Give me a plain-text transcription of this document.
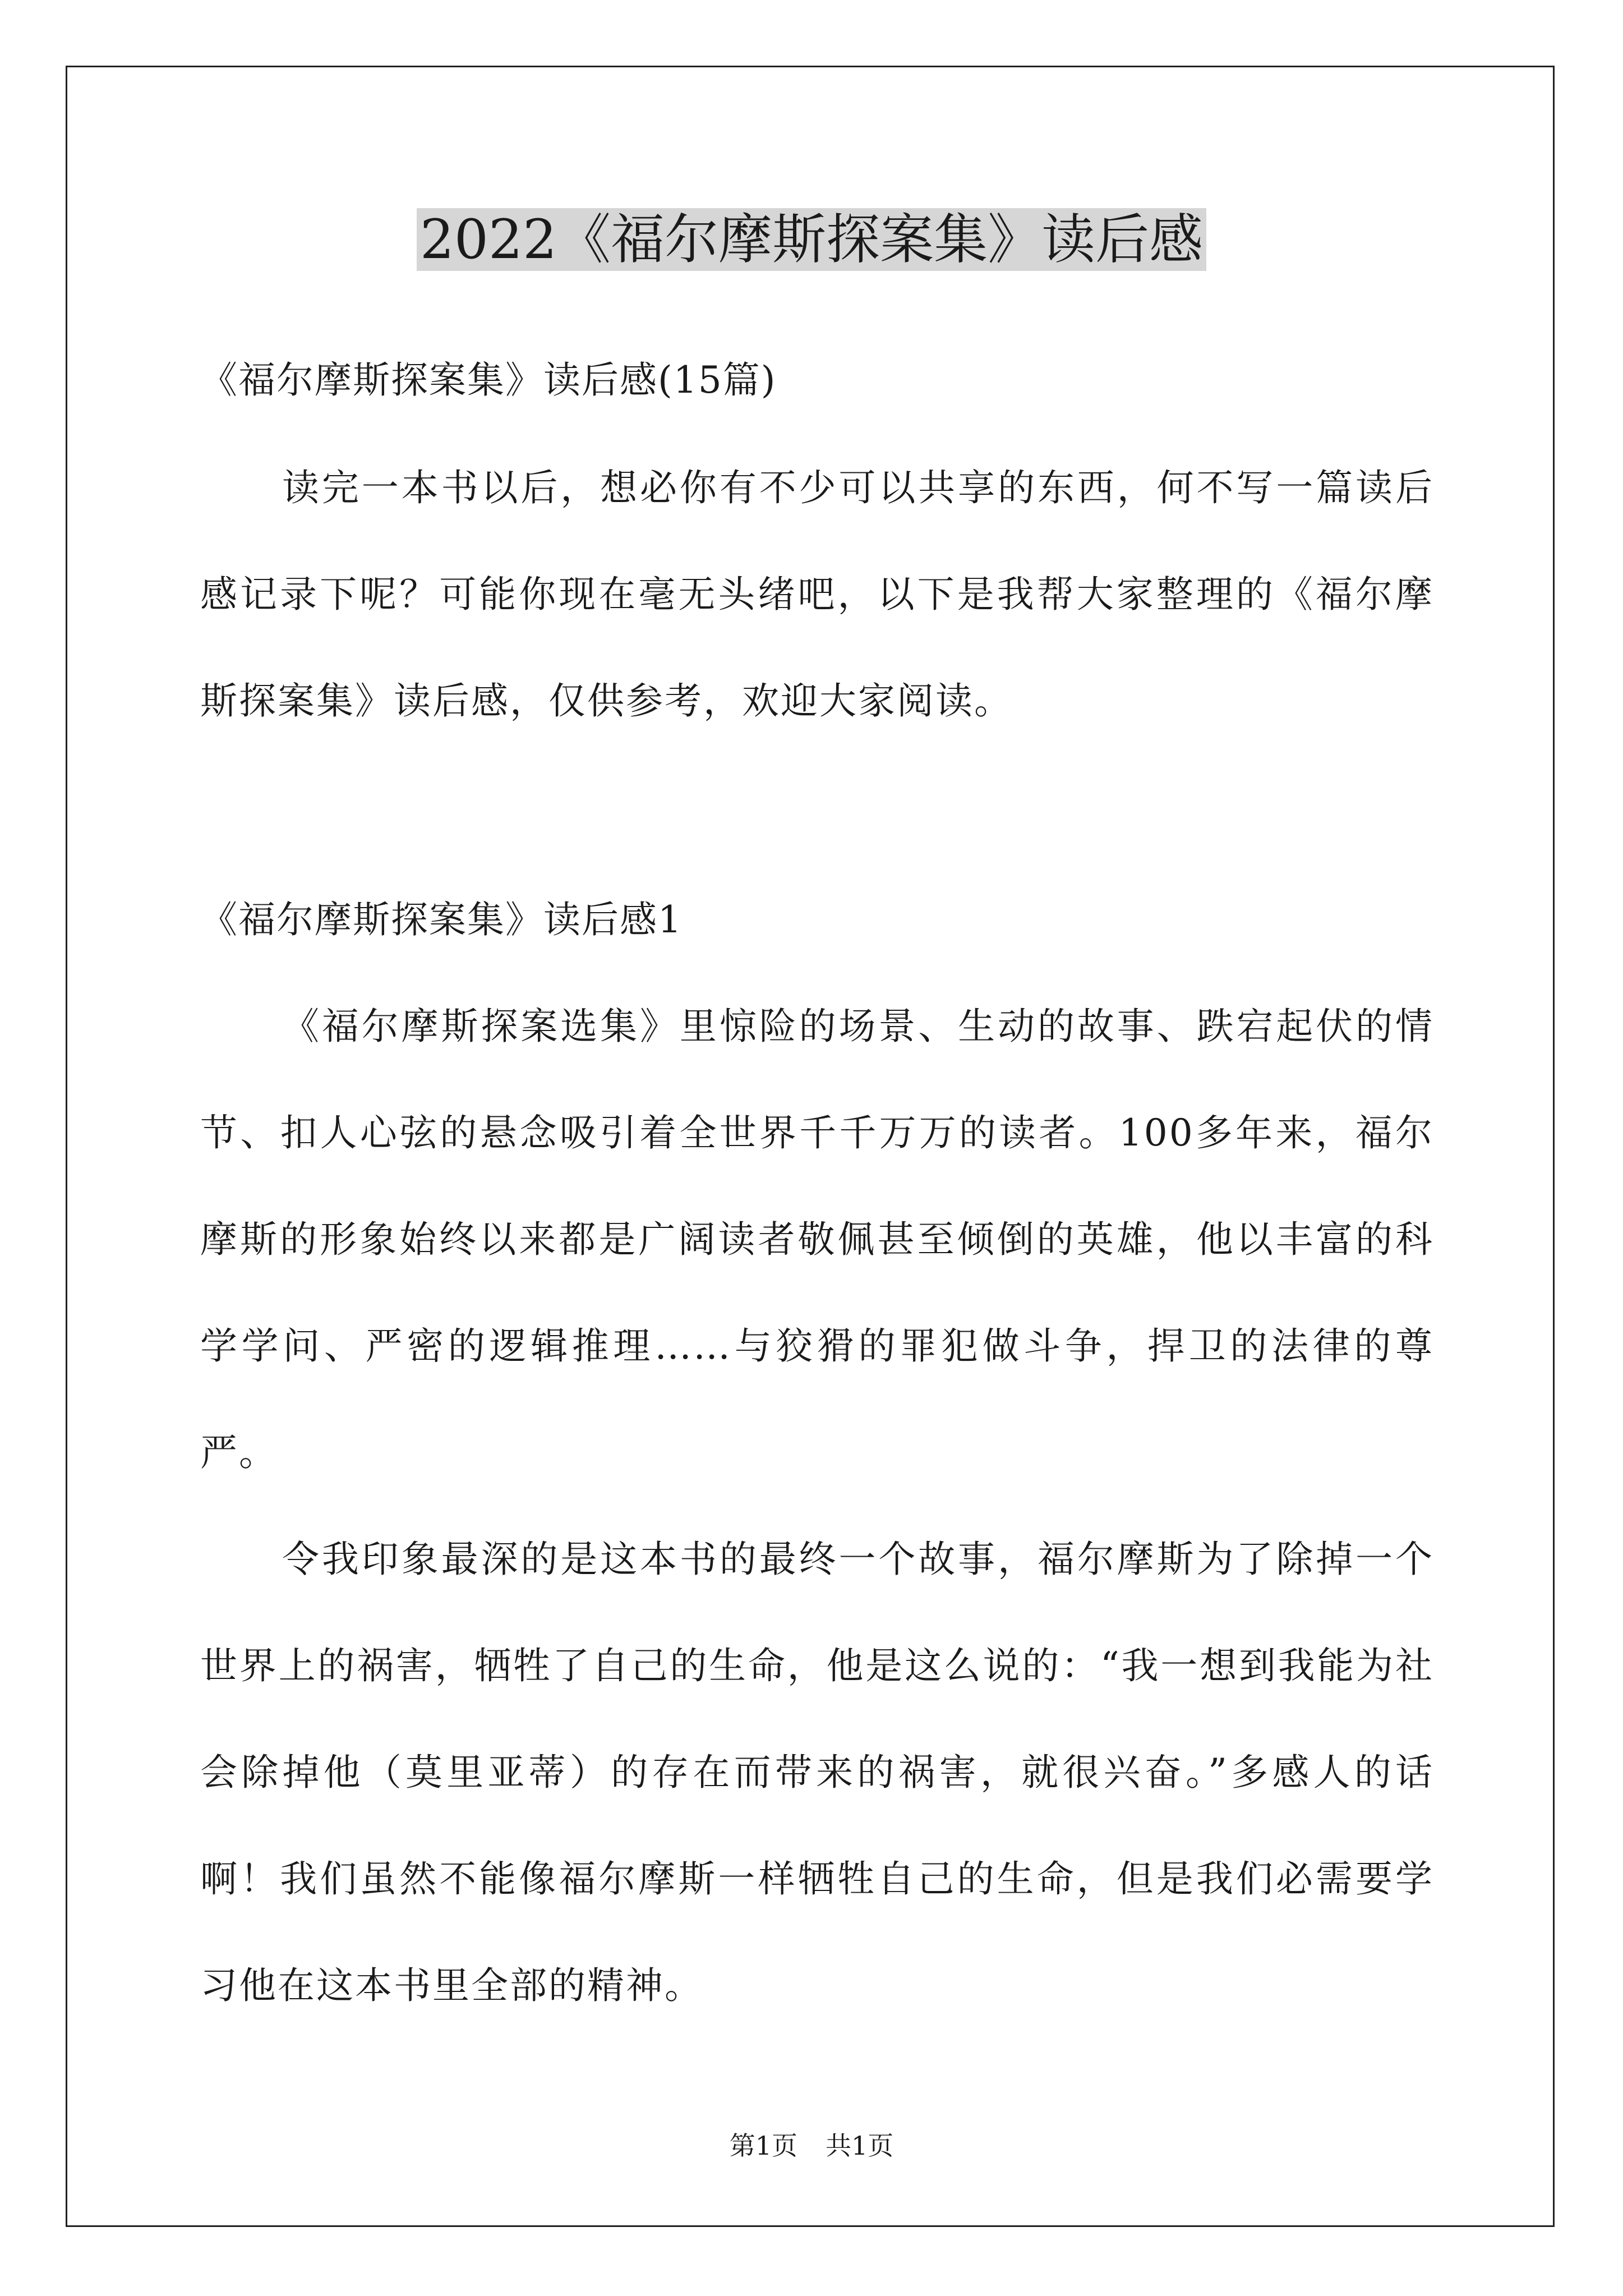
2022《福尔摩斯探案集》读后感
《福尔摩斯探案集》读后感(15篇)
读完一本书以后，想必你有不少可以共享的东西，何不写一篇读后感记录下呢？可能你现在毫无头绪吧，以下是我帮大家整理的《福尔摩斯探案集》读后感，仅供参考，欢迎大家阅读。
《福尔摩斯探案集》读后感1
《福尔摩斯探案选集》里惊险的场景、生动的故事、跌宕起伏的情节、扣人心弦的悬念吸引着全世界千千万万的读者。100多年来，福尔摩斯的形象始终以来都是广阔读者敬佩甚至倾倒的英雄，他以丰富的科学学问、严密的逻辑推理……与狡猾的罪犯做斗争，捍卫的法律的尊严。
令我印象最深的是这本书的最终一个故事，福尔摩斯为了除掉一个世界上的祸害，牺牲了自己的生命，他是这么说的：“我一想到我能为社会除掉他（莫里亚蒂）的存在而带来的祸害，就很兴奋。”多感人的话啊！我们虽然不能像福尔摩斯一样牺牲自己的生命，但是我们必需要学习他在这本书里全部的精神。
第1页 共1页
